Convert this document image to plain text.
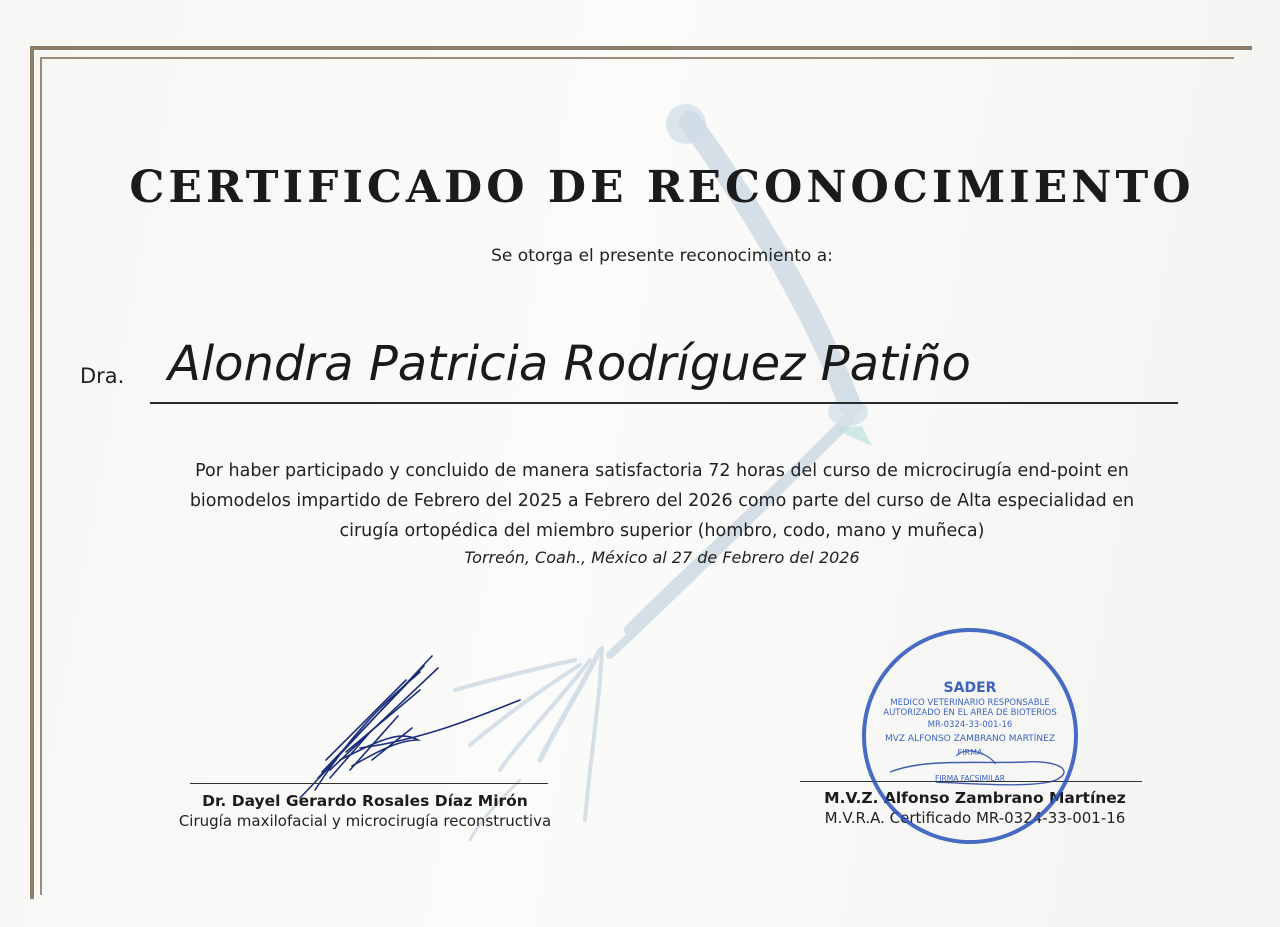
CERTIFICADO DE RECONOCIMIENTO
Se otorga el presente reconocimiento a:
Dra. Alondra Patricia Rodríguez Patiño
Por haber participado y concluido de manera satisfactoria 72 horas del curso de microcirugía end-point en
biomodelos impartido de Febrero del 2025 a Febrero del 2026 como parte del curso de Alta especialidad en
cirugía ortopédica del miembro superior (hombro, codo, mano y muñeca)
Torreón, Coah., México al 27 de Febrero del 2026
Dr. Dayel Gerardo Rosales Díaz Mirón
Cirugía maxilofacial y microcirugía reconstructiva
M.V.Z. Alfonso Zambrano Martínez
M.V.R.A. Certificado MR-0324-33-001-16
SADER
MEDICO VETERINARIO RESPONSABLE
AUTORIZADO EN EL AREA DE BIOTERIOS
MR-0324-33-001-16
MVZ ALFONSO ZAMBRANO MARTÍNEZ
FIRMA
FIRMA FACSIMILAR
